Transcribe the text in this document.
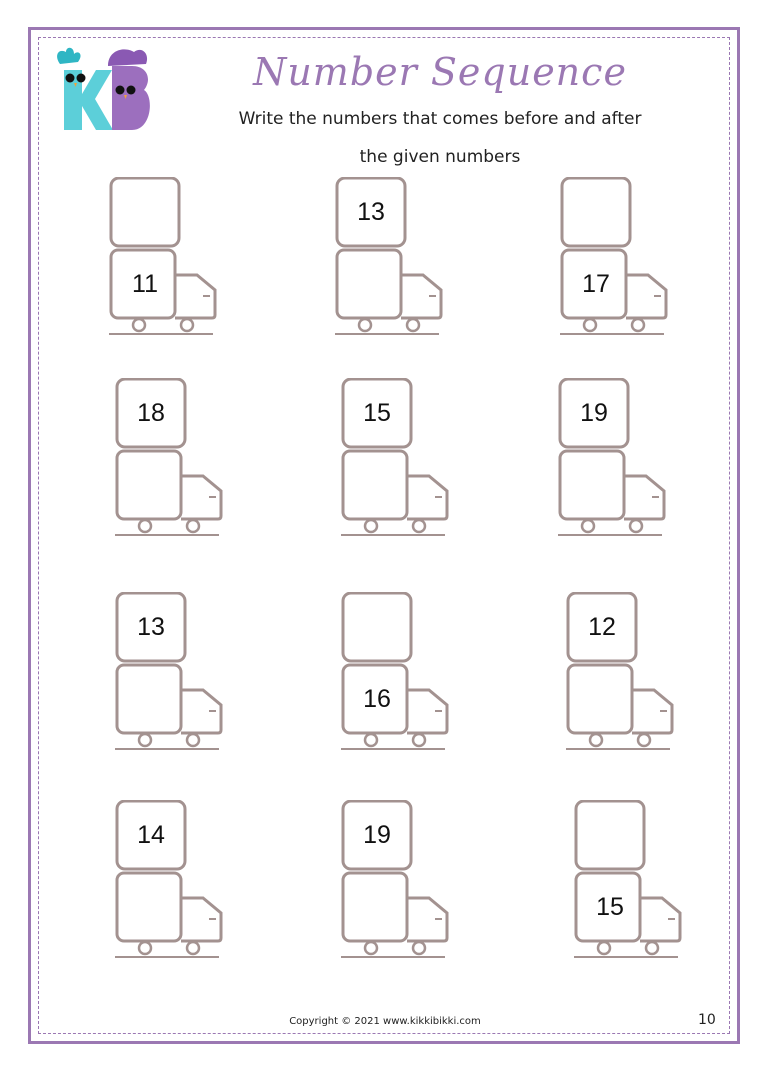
Number Sequence
Write the numbers that comes before and after
the given numbers
11
13
17
18	15	19
13
16
12
14	19
15
Copyright © 2021 www.kikkibikki.com	10
